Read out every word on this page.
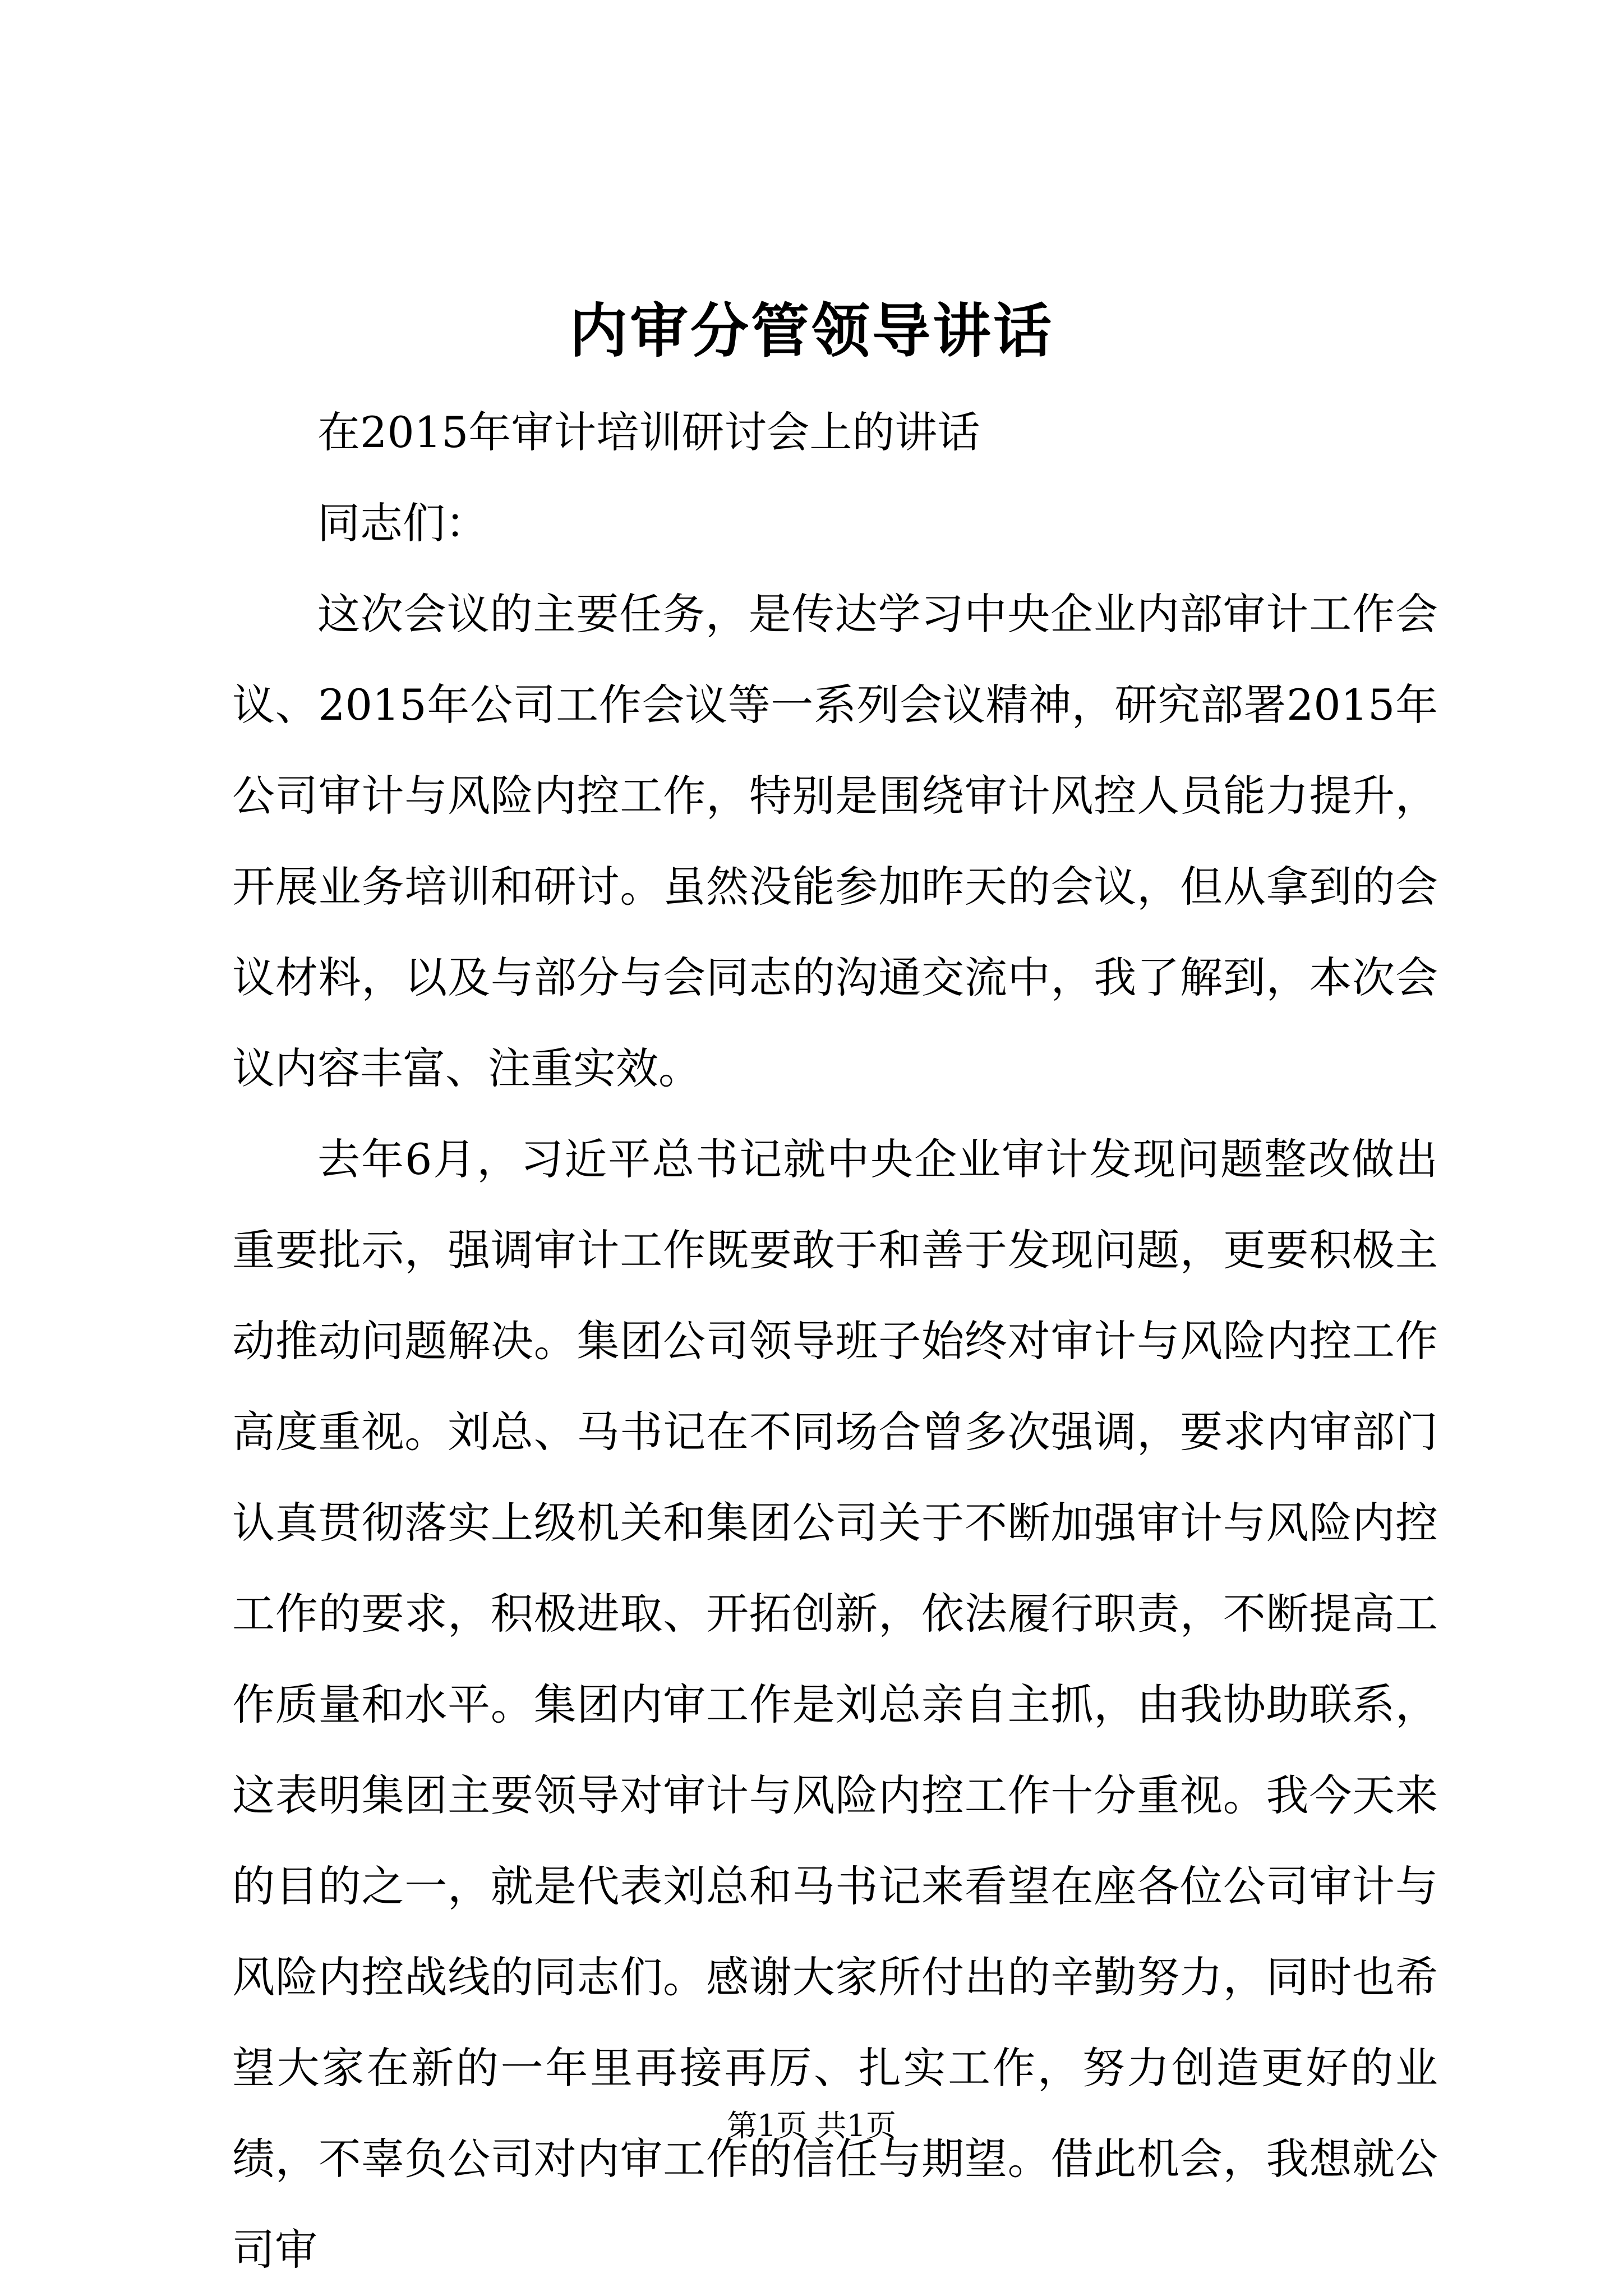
内审分管领导讲话

在2015年审计培训研讨会上的讲话

同志们：

这次会议的主要任务，是传达学习中央企业内部审计工作会议、2015年公司工作会议等一系列会议精神，研究部署2015年公司审计与风险内控工作，特别是围绕审计风控人员能力提升，开展业务培训和研讨。虽然没能参加昨天的会议，但从拿到的会议材料，以及与部分与会同志的沟通交流中，我了解到，本次会议内容丰富、注重实效。

去年6月，习近平总书记就中央企业审计发现问题整改做出重要批示，强调审计工作既要敢于和善于发现问题，更要积极主动推动问题解决。集团公司领导班子始终对审计与风险内控工作高度重视。刘总、马书记在不同场合曾多次强调，要求内审部门认真贯彻落实上级机关和集团公司关于不断加强审计与风险内控工作的要求，积极进取、开拓创新，依法履行职责，不断提高工作质量和水平。集团内审工作是刘总亲自主抓，由我协助联系，这表明集团主要领导对审计与风险内控工作十分重视。我今天来的目的之一，就是代表刘总和马书记来看望在座各位公司审计与风险内控战线的同志们。感谢大家所付出的辛勤努力，同时也希望大家在新的一年里再接再厉、扎实工作，努力创造更好的业绩，不辜负公司对内审工作的信任与期望。借此机会，我想就公司审

第1页 共1页
